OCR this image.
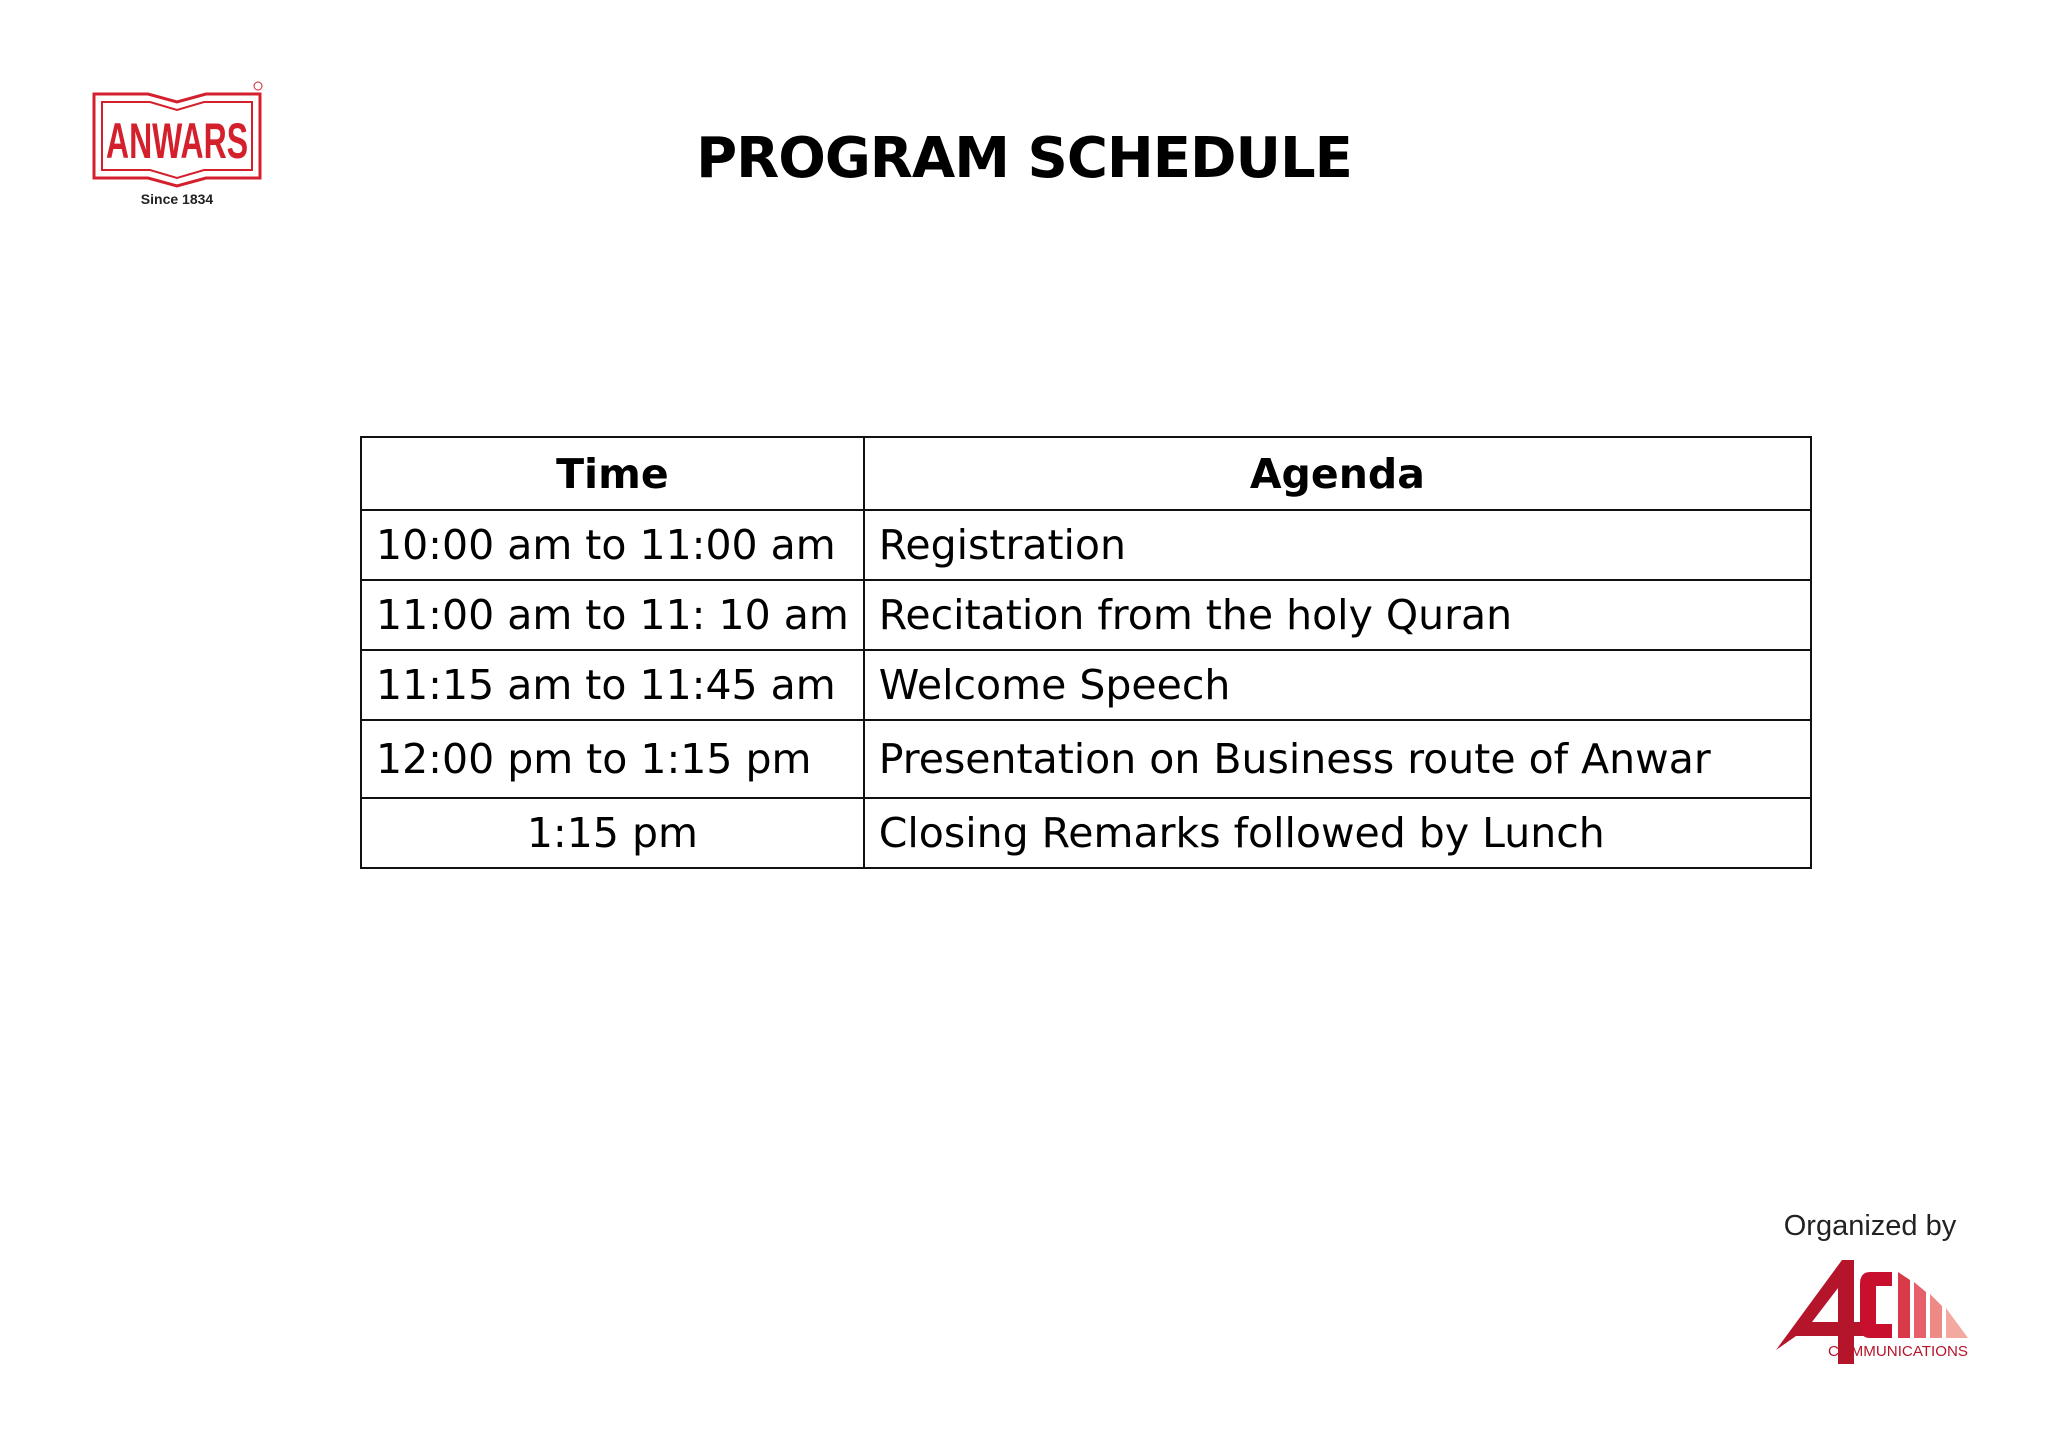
ANWARS
Since 1834
PROGRAM SCHEDULE
Time	Agenda
10:00 am to 11:00 am	Registration
11:00 am to 11: 10 am	Recitation from the holy Quran
11:15 am to 11:45 am	Welcome Speech
12:00 pm to 1:15 pm	Presentation on Business route of Anwar
1:15 pm	Closing Remarks followed by Lunch
Organized by
COMMUNICATIONS
